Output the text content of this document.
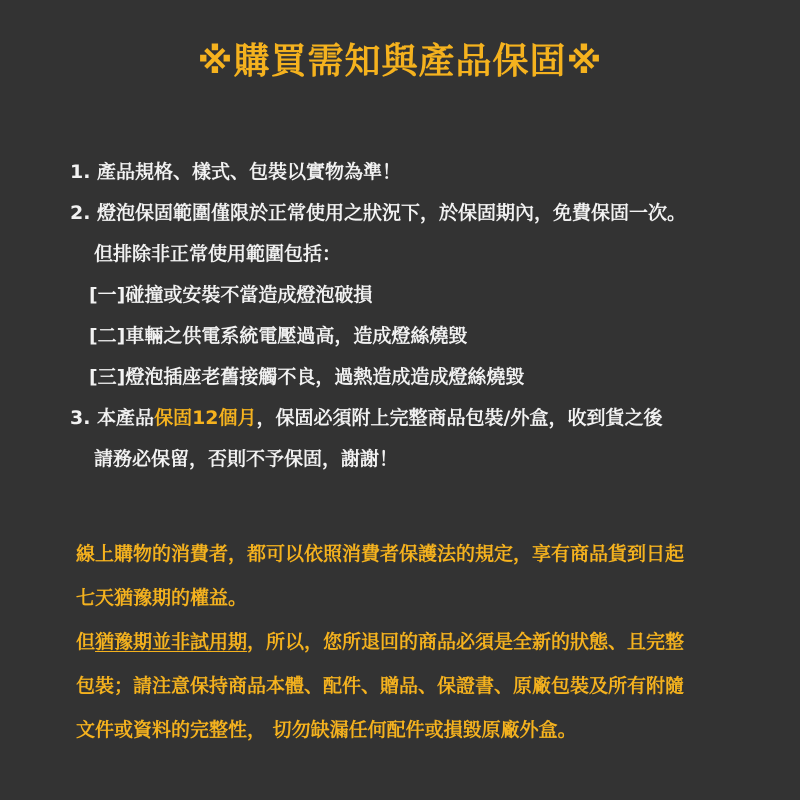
※購買需知與產品保固※
1. 產品規格、樣式、包裝以實物為準！
2. 燈泡保固範圍僅限於正常使用之狀況下，於保固期內，免費保固一次。
但排除非正常使用範圍包括：
[一]碰撞或安裝不當造成燈泡破損
[二]車輛之供電系統電壓過高，造成燈絲燒毀
[三]燈泡插座老舊接觸不良，過熱造成造成燈絲燒毀
3. 本產品保固12個月，保固必須附上完整商品包裝/外盒，收到貨之後
請務必保留，否則不予保固，謝謝！
線上購物的消費者，都可以依照消費者保護法的規定，享有商品貨到日起
七天猶豫期的權益。
但猶豫期並非試用期，所以，您所退回的商品必須是全新的狀態、且完整
包裝；請注意保持商品本體、配件、贈品、保證書、原廠包裝及所有附隨
文件或資料的完整性， 切勿缺漏任何配件或損毀原廠外盒。
